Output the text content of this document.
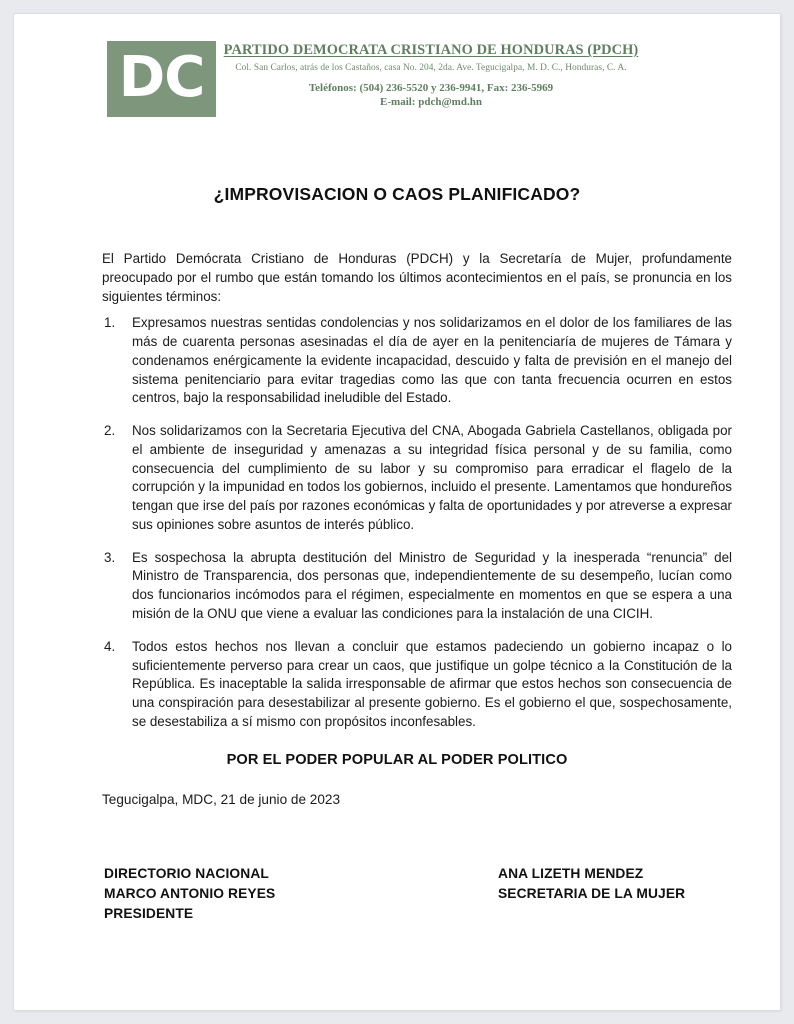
DC PARTIDO DEMOCRATA CRISTIANO DE HONDURAS (PDCH)
Col. San Carlos, atrás de los Castaños, casa No. 204, 2da. Ave. Tegucigalpa, M. D. C., Honduras, C. A.
Teléfonos: (504) 236-5520 y 236-9941, Fax: 236-5969
E-mail: pdch@md.hn
¿IMPROVISACION O CAOS PLANIFICADO?

El Partido Demócrata Cristiano de Honduras (PDCH) y la Secretaría de Mujer, profundamente preocupado por el rumbo que están tomando los últimos acontecimientos en el país, se pronuncia en los siguientes términos:

Expresamos nuestras sentidas condolencias y nos solidarizamos en el dolor de los familiares de las más de cuarenta personas asesinadas el día de ayer en la penitenciaría de mujeres de Támara y condenamos enérgicamente la evidente incapacidad, descuido y falta de previsión en el manejo del sistema penitenciario para evitar tragedias como las que con tanta frecuencia ocurren en estos centros, bajo la responsabilidad ineludible del Estado.
Nos solidarizamos con la Secretaria Ejecutiva del CNA, Abogada Gabriela Castellanos, obligada por el ambiente de inseguridad y amenazas a su integridad física personal y de su familia, como consecuencia del cumplimiento de su labor y su compromiso para erradicar el flagelo de la corrupción y la impunidad en todos los gobiernos, incluido el presente. Lamentamos que hondureños tengan que irse del país por razones económicas y falta de oportunidades y por atreverse a expresar sus opiniones sobre asuntos de interés público.
Es sospechosa la abrupta destitución del Ministro de Seguridad y la inesperada “renuncia” del Ministro de Transparencia, dos personas que, independientemente de su desempeño, lucían como dos funcionarios incómodos para el régimen, especialmente en momentos en que se espera a una misión de la ONU que viene a evaluar las condiciones para la instalación de una CICIH.
Todos estos hechos nos llevan a concluir que estamos padeciendo un gobierno incapaz o lo suficientemente perverso para crear un caos, que justifique un golpe técnico a la Constitución de la República. Es inaceptable la salida irresponsable de afirmar que estos hechos son consecuencia de una conspiración para desestabilizar al presente gobierno. Es el gobierno el que, sospechosamente, se desestabiliza a sí mismo con propósitos inconfesables.
POR EL PODER POPULAR AL PODER POLITICO
Tegucigalpa, MDC, 21 de junio de 2023
DIRECTORIO NACIONAL
MARCO ANTONIO REYES
PRESIDENTE
ANA LIZETH MENDEZ
SECRETARIA DE LA MUJER
